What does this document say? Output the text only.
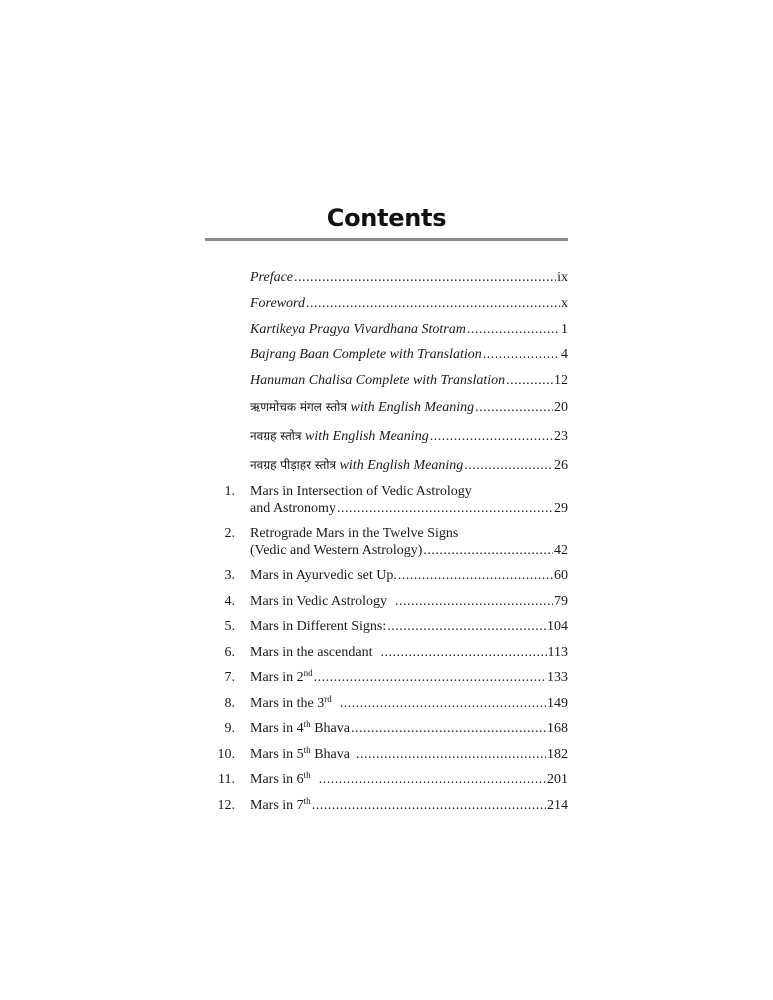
Contents
Preface .....	ix
Foreword .....	x
Kartikeya Pragya Vivardhana Stotram .....	1
Bajrang Baan Complete with Translation .....	4
Hanuman Chalisa Complete with Translation .....	12
ऋणमोचक मंगल स्तोत्र with English Meaning .....	20
नवग्रह स्तोत्र with English Meaning .....	23
नवग्रह पीड़ाहर स्तोत्र with English Meaning .....	26
1. Mars in Intersection of Vedic Astrology
and Astronomy .....	29
2. Retrograde Mars in the Twelve Signs
(Vedic and Western Astrology) .....	42
3. Mars in Ayurvedic set Up. .....	60
4. Mars in Vedic Astrology .....	79
5. Mars in Different Signs: .....	104
6. Mars in the ascendant .....	113
7. Mars in 2nd .....	133
8. Mars in the 3rd .....	149
9. Mars in 4th Bhava .....	168
10. Mars in 5th Bhava .....	182
11. Mars in 6th .....	201
12. Mars in 7th .....	214
